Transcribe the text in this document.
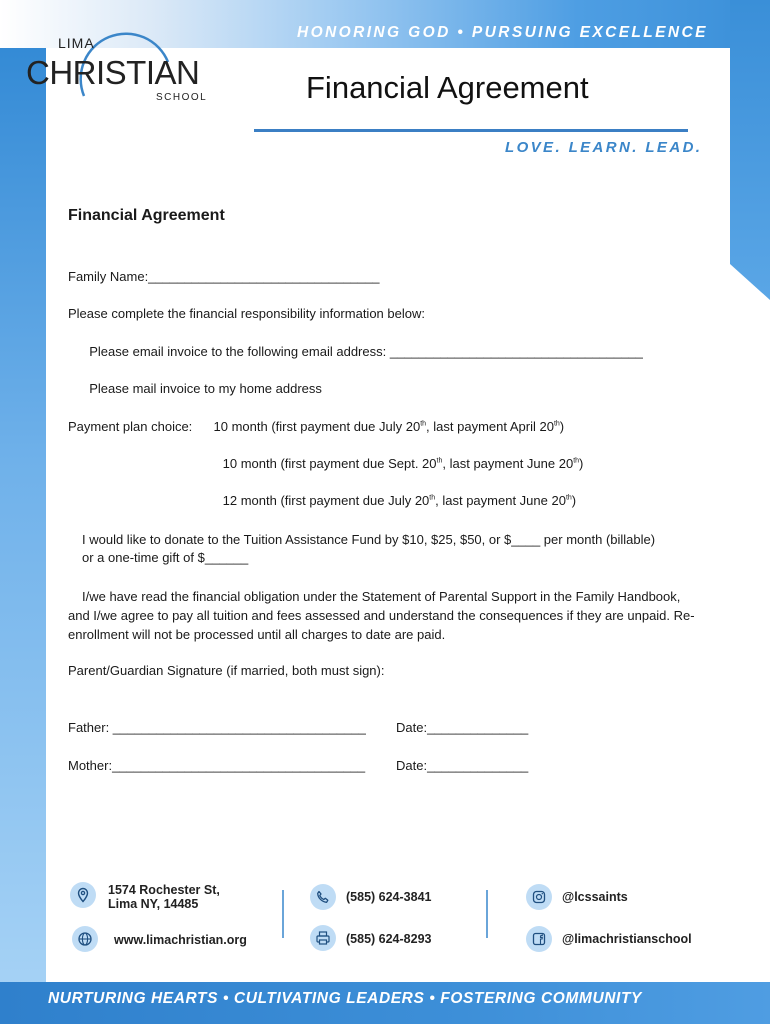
HONORING GOD • PURSUING EXCELLENCE
LIMA
CHRISTIAN
SCHOOL	Financial Agreement
LOVE. LEARN. LEAD.
Financial Agreement
Family Name:________________________________
Please complete the financial responsibility information below:
Please email invoice to the following email address: ___________________________________
Please mail invoice to my home address
Payment plan choice:  10 month (first payment due July 20th, last payment April 20th)
10 month (first payment due Sept. 20th, last payment June 20th)
12 month (first payment due July 20th, last payment June 20th)
I would like to donate to the Tuition Assistance Fund by $10, $25, $50, or $____ per month (billable)
or a one-time gift of $______
I/we have read the financial obligation under the Statement of Parental Support in the Family Handbook, and I/we agree to pay all tuition and fees assessed and understand the consequences if they are unpaid. Re-enrollment will not be processed until all charges to date are paid.
Parent/Guardian Signature (if married, both must sign):
Father: ___________________________________ Date:______________
Mother:___________________________________ Date:______________
1574 Rochester St,
Lima NY, 14485
www.limachristian.org
(585) 624-3841
(585) 624-8293
@lcssaints
@limachristianschool
NURTURING HEARTS • CULTIVATING LEADERS • FOSTERING COMMUNITY
